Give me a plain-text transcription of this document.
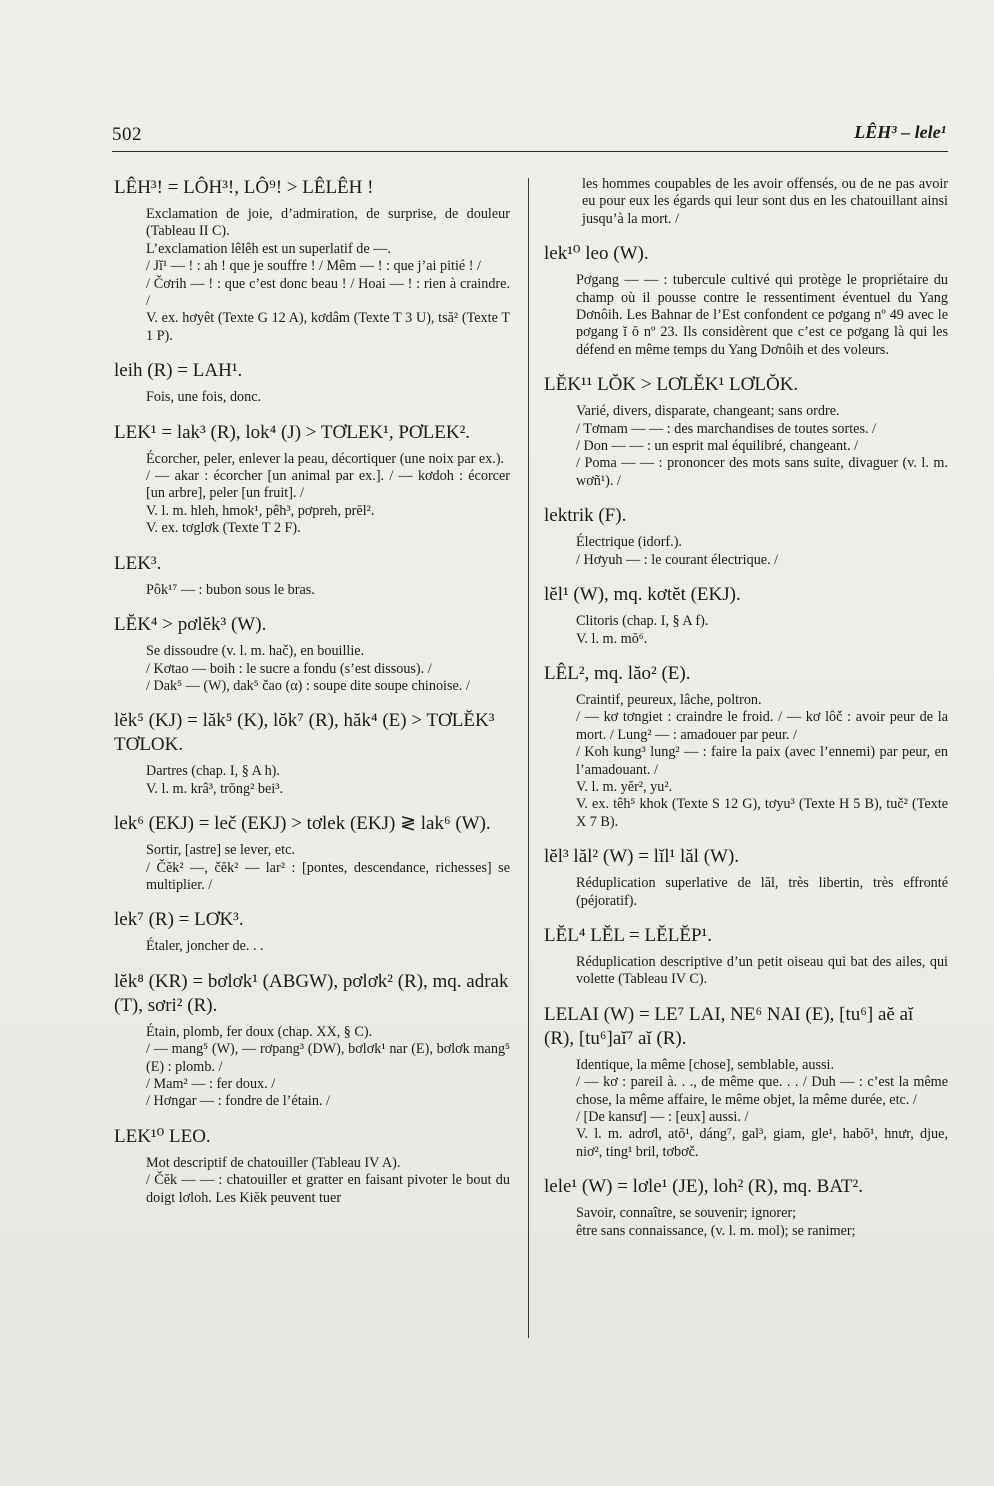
502	LÊH³ – lele¹

LÊH³! = LÔH³!, LÔ⁹! > LÊLÊH !

Exclamation de joie, d’admiration, de surprise, de douleur (Tableau II C).

L’exclamation lêlêh est un superlatif de —.

/ Jĭ¹ — ! : ah ! que je souffre ! / Mêm — ! : que j’ai pitié ! /

/ Čơrih — ! : que c’est donc beau ! / Hoai — ! : rien à craindre. /

V. ex. hơyêt (Texte G 12 A), kơdâm (Texte T 3 U), tsă² (Texte T 1 P).

leih (R) = LAH¹.

Fois, une fois, donc.

LEK¹ = lak³ (R), lok⁴ (J) > TƠLEK¹, PƠLEK².

Écorcher, peler, enlever la peau, décortiquer (une noix par ex.).

/ — akar : écorcher [un animal par ex.]. / — kơdoh : écorcer [un arbre], peler [un fruit]. /

V. l. m. hleh, hmok¹, pêh³, pơpreh, prĕl².

V. ex. tơglơk (Texte T 2 F).

LEK³.

Pôk¹⁷ — : bubon sous le bras.

LĔK⁴ > pơlĕk³ (W).

Se dissoudre (v. l. m. hač), en bouillie.

/ Kơtao — boih : le sucre a fondu (s’est dissous). /

/ Dak⁵ — (W), dak⁵ čao (α) : soupe dite soupe chinoise. /

lĕk⁵ (KJ) = lăk⁵ (K), lŏk⁷ (R), hăk⁴ (E) > TƠLĔK³ TƠLOK.

Dartres (chap. I, § A h).

V. l. m. krâ³, trŏng² bei³.

lek⁶ (EKJ) = leč (EKJ) > tơlek (EKJ) ≷ lak⁶ (W).

Sortir, [astre] se lever, etc.

/ Čĕk² —, čĕk² — lar² : [pontes, descendance, richesses] se multiplier. /

lek⁷ (R) = LƠK³.

Étaler, joncher de. . .

lĕk⁸ (KR) = bơlơk¹ (ABGW), pơlơk² (R), mq. adrak (T), sơri² (R).

Étain, plomb, fer doux (chap. XX, § C).

/ — mang⁵ (W), — rơpang³ (DW), bơlơk¹ nar (E), bơlơk mang⁵ (E) : plomb. /

/ Mam² — : fer doux. /

/ Hơngar — : fondre de l’étain. /

LEK¹⁰ LEO.

Mot descriptif de chatouiller (Tableau IV A).

/ Čĕk — — : chatouiller et gratter en faisant pivoter le bout du doigt lơloh. Les Kiĕk peuvent tuer

les hommes coupables de les avoir offensés, ou de ne pas avoir eu pour eux les égards qui leur sont dus en les chatouillant ainsi jusqu’à la mort. /

lek¹⁰ leo (W).

Pơgang — — : tubercule cultivé qui protège le propriétaire du champ où il pousse contre le ressentiment éventuel du Yang Dơnôih. Les Bahnar de l’Est confondent ce pơgang nº 49 avec le pơgang ĭ ŏ nº 23. Ils considèrent que c’est ce pơgang là qui les défend en même temps du Yang Dơnôih et des voleurs.

LĔK¹¹ LŎK > LƠLĔK¹ LƠLŎK.

Varié, divers, disparate, changeant; sans ordre.

/ Tơmam — — : des marchandises de toutes sortes. /

/ Don — — : un esprit mal équilibré, changeant. /

/ Poma — — : prononcer des mots sans suite, divaguer (v. l. m. wơñ¹). /

lektrik (F).

Électrique (idorf.).

/ Hơyuh — : le courant électrique. /

lĕl¹ (W), mq. kơtĕt (EKJ).

Clitoris (chap. I, § A f).

V. l. m. mŏ⁶.

LÊL², mq. lăo² (E).

Craintif, peureux, lâche, poltron.

/ — kơ tơngiet : craindre le froid. / — kơ lôč : avoir peur de la mort. / Lung² — : amadouer par peur. /

/ Koh kung³ lung² — : faire la paix (avec l’ennemi) par peur, en l’amadouant. /

V. l. m. yĕr², yu².

V. ex. têh⁵ khok (Texte S 12 G), tơyu³ (Texte H 5 B), tuč² (Texte X 7 B).

lĕl³ lăl² (W) = lĭl¹ lăl (W).

Réduplication superlative de lăl, très libertin, très effronté (péjoratif).

LĔL⁴ LĔL = LĔLĔP¹.

Réduplication descriptive d’un petit oiseau qui bat des ailes, qui volette (Tableau IV C).

LELAI (W) = LE⁷ LAI, NE⁶ NAI (E), [tu⁶] aĕ aĭ (R), [tu⁶]aĭ⁷ aĭ (R).

Identique, la même [chose], semblable, aussi.

/ — kơ : pareil à. . ., de même que. . . / Duh — : c’est la même chose, la même affaire, le même objet, la même durée, etc. /

/ [De kansư] — : [eux] aussi. /

V. l. m. adrơl, atŏ¹, dáng⁷, gal³, giam, gle¹, habŏ¹, hnưr, djue, niơ², ting¹ bril, tơbơč.

lele¹ (W) = lơle¹ (JE), loh² (R), mq. BAT².

Savoir, connaître, se souvenir; ignorer;

être sans connaissance, (v. l. m. mol); se ranimer;
